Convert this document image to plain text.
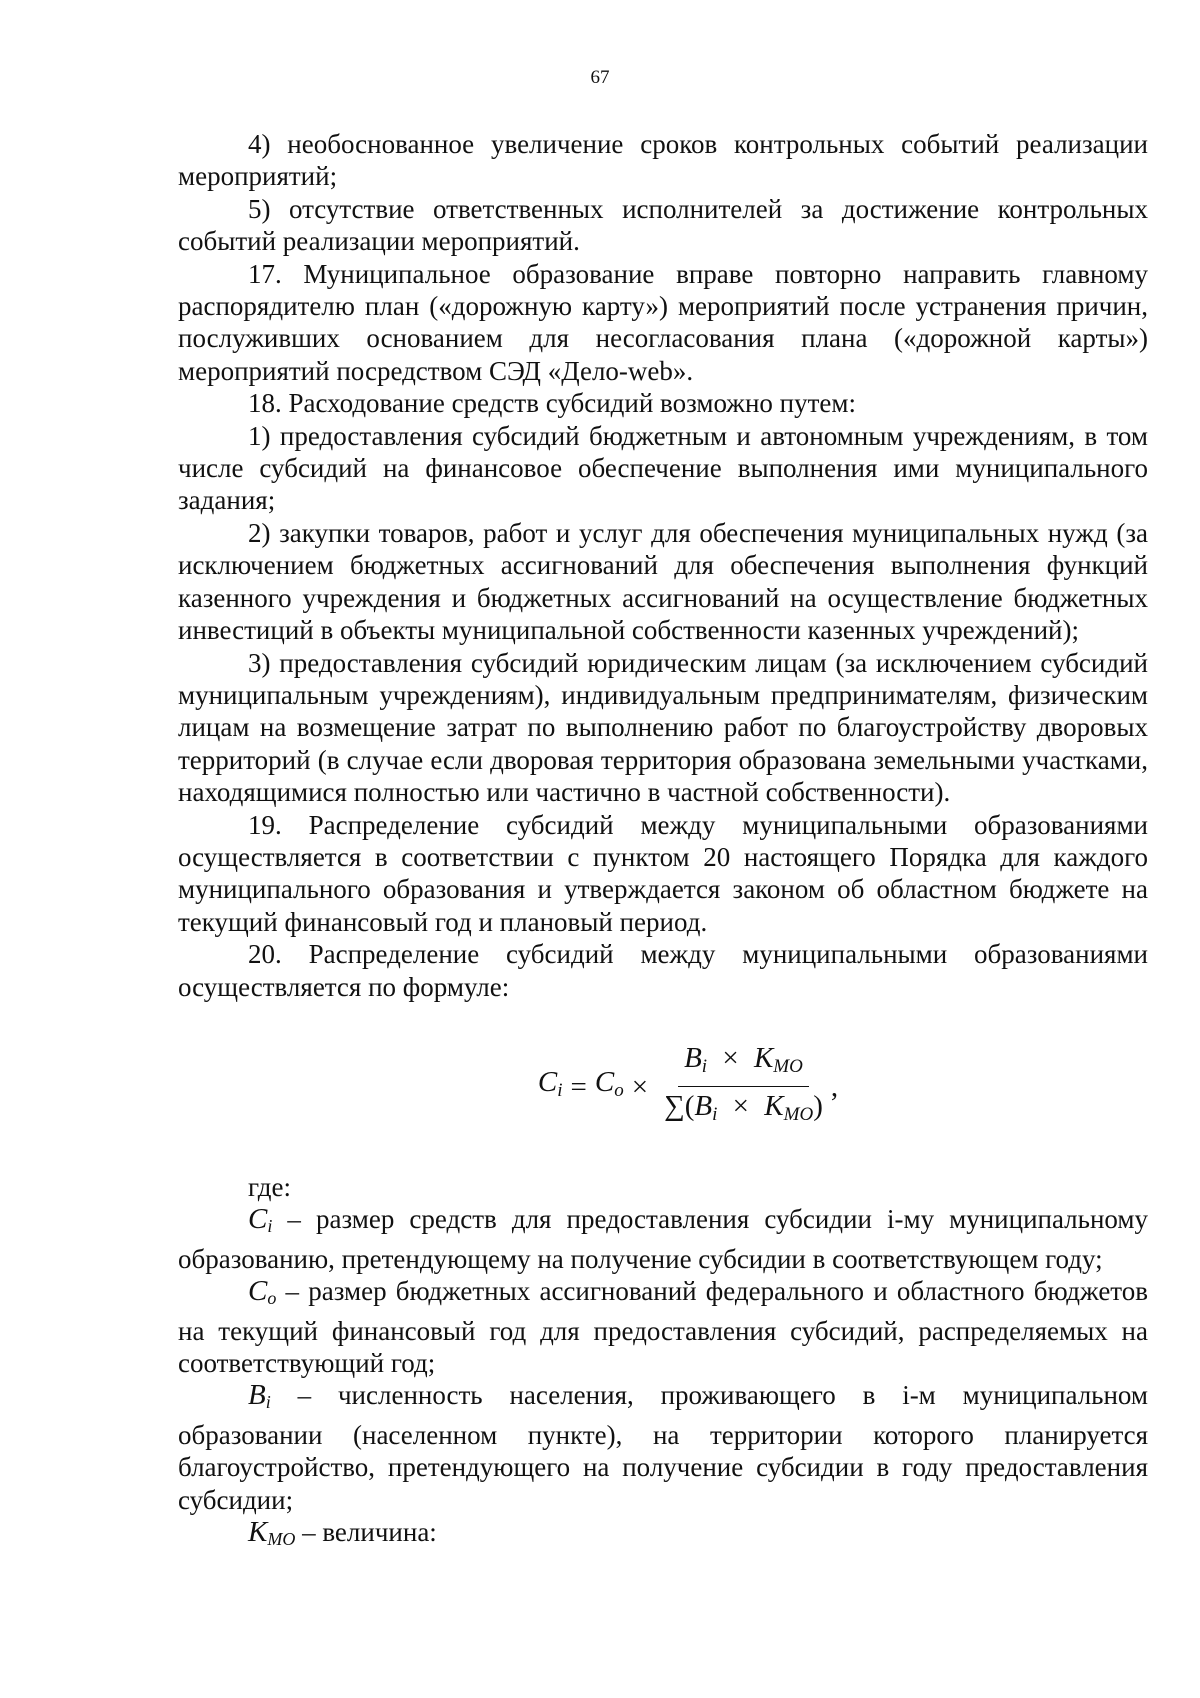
67

4) необоснованное увеличение сроков контрольных событий реализации мероприятий;

5) отсутствие ответственных исполнителей за достижение контрольных событий реализации мероприятий.

17. Муниципальное образование вправе повторно направить главному распорядителю план («дорожную карту») мероприятий после устранения причин, послуживших основанием для несогласования плана («дорожной карты») мероприятий посредством СЭД «Дело-web».

18. Расходование средств субсидий возможно путем:

1) предоставления субсидий бюджетным и автономным учреждениям, в том числе субсидий на финансовое обеспечение выполнения ими муниципального задания;

2) закупки товаров, работ и услуг для обеспечения муниципальных нужд (за исключением бюджетных ассигнований для обеспечения выполнения функций казенного учреждения и бюджетных ассигнований на осуществление бюджетных инвестиций в объекты муниципальной собственности казенных учреждений);

3) предоставления субсидий юридическим лицам (за исключением субсидий муниципальным учреждениям), индивидуальным предпринимателям, физическим лицам на возмещение затрат по выполнению работ по благоустройству дворовых территорий (в случае если дворовая территория образована земельными участками, находящимися полностью или частично в частной собственности).

19. Распределение субсидий между муниципальными образованиями осуществляется в соответствии с пунктом 20 настоящего Порядка для каждого муниципального образования и утверждается законом об областном бюджете на текущий финансовый год и плановый период.

20. Распределение субсидий между муниципальными образованиями осуществляется по формуле:

$C_i = C_o \times \frac{B_i \times K_{MO}}{\sum(B_i \times K_{MO})}$ ,

где:

$C_i$ – размер средств для предоставления субсидии i-му муниципальному образованию, претендующему на получение субсидии в соответствующем году;

$C_o$ – размер бюджетных ассигнований федерального и областного бюджетов на текущий финансовый год для предоставления субсидий, распределяемых на соответствующий год;

$B_i$ – численность населения, проживающего в i-м муниципальном образовании (населенном пункте), на территории которого планируется благоустройство, претендующего на получение субсидии в году предоставления субсидии;

$K_{MO}$ – величина:
